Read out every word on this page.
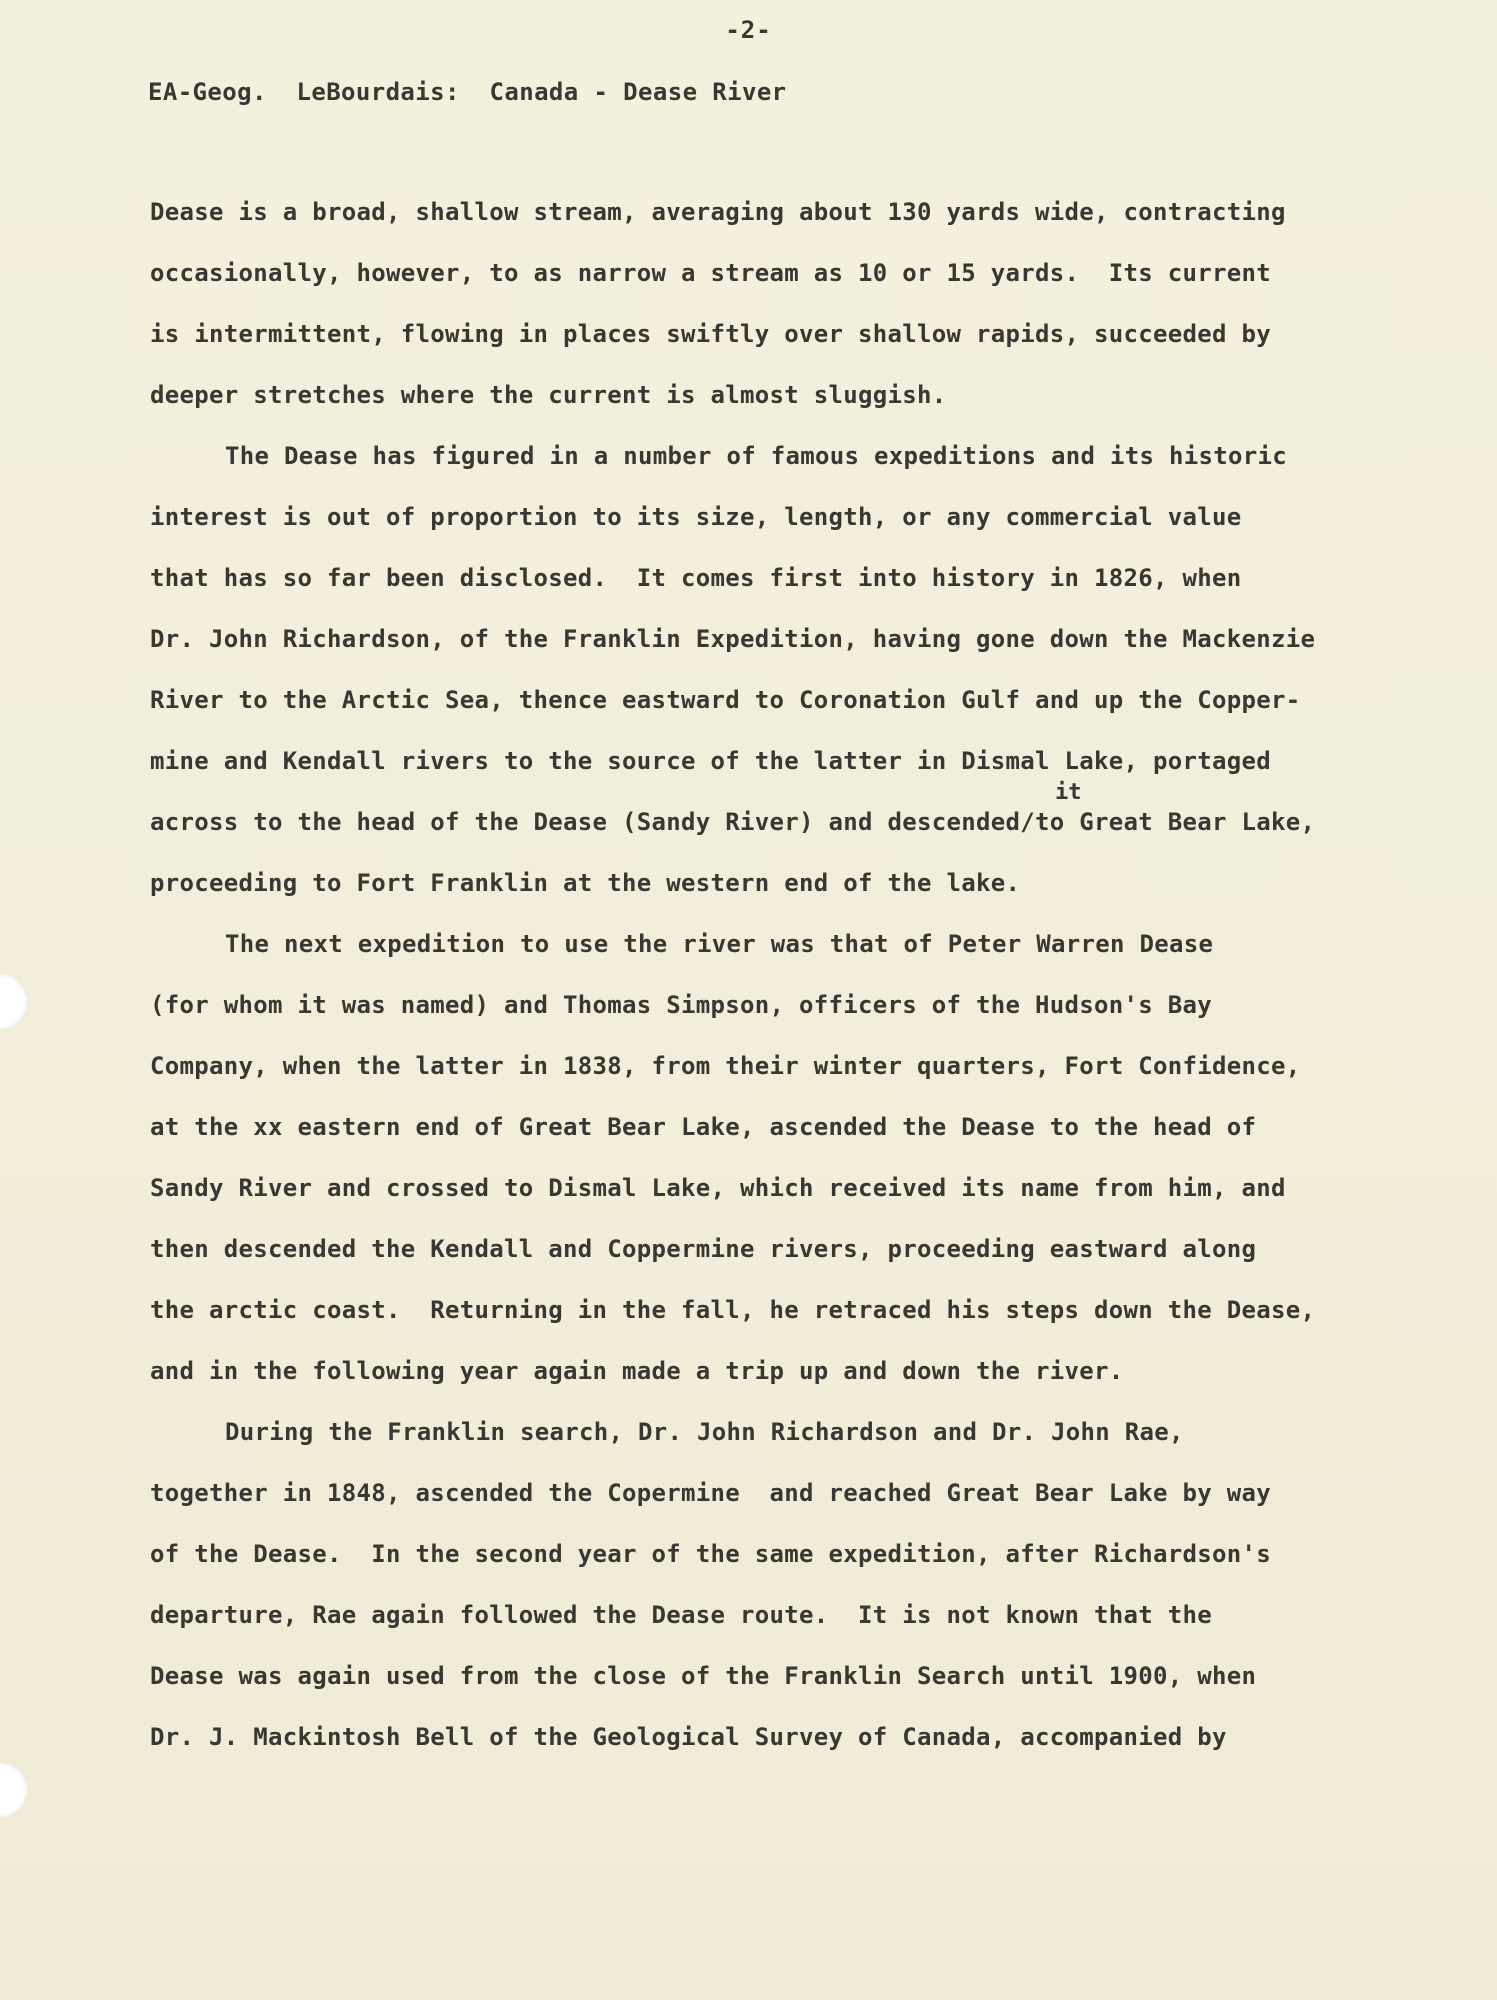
-2-
EA-Geog.  LeBourdais:  Canada - Dease River
Dease is a broad, shallow stream, averaging about 130 yards wide, contracting
occasionally, however, to as narrow a stream as 10 or 15 yards.  Its current
is intermittent, flowing in places swiftly over shallow rapids, succeeded by
deeper stretches where the current is almost sluggish.
The Dease has figured in a number of famous expeditions and its historic
interest is out of proportion to its size, length, or any commercial value
that has so far been disclosed.  It comes first into history in 1826, when
Dr. John Richardson, of the Franklin Expedition, having gone down the Mackenzie
River to the Arctic Sea, thence eastward to Coronation Gulf and up the Copper-
mine and Kendall rivers to the source of the latter in Dismal Lake, portaged
it
across to the head of the Dease (Sandy River) and descended/to Great Bear Lake,
proceeding to Fort Franklin at the western end of the lake.
The next expedition to use the river was that of Peter Warren Dease
(for whom it was named) and Thomas Simpson, officers of the Hudson's Bay
Company, when the latter in 1838, from their winter quarters, Fort Confidence,
at the xx eastern end of Great Bear Lake, ascended the Dease to the head of
Sandy River and crossed to Dismal Lake, which received its name from him, and
then descended the Kendall and Coppermine rivers, proceeding eastward along
the arctic coast.  Returning in the fall, he retraced his steps down the Dease,
and in the following year again made a trip up and down the river.
During the Franklin search, Dr. John Richardson and Dr. John Rae,
together in 1848, ascended the Copermine  and reached Great Bear Lake by way
of the Dease.  In the second year of the same expedition, after Richardson's
departure, Rae again followed the Dease route.  It is not known that the
Dease was again used from the close of the Franklin Search until 1900, when
Dr. J. Mackintosh Bell of the Geological Survey of Canada, accompanied by
